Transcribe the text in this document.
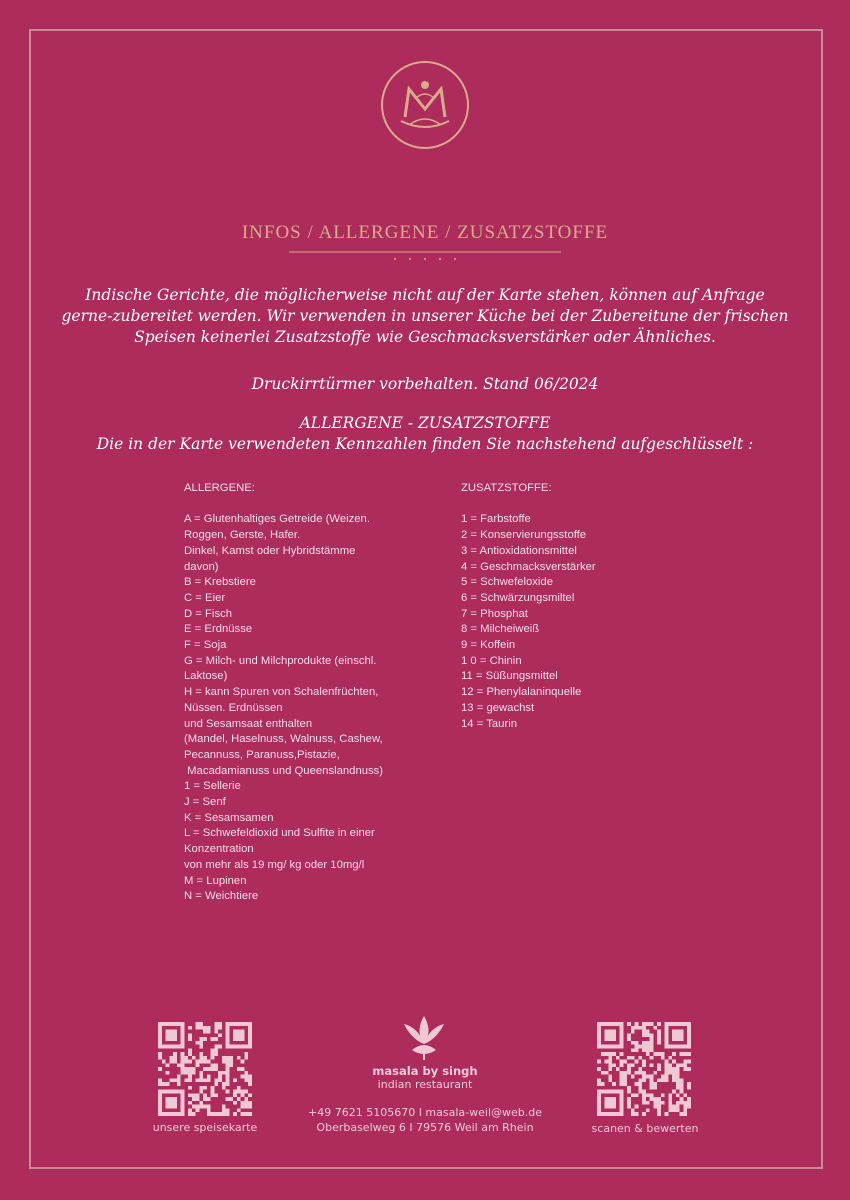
INFOS / ALLERGENE / ZUSATZSTOFFE

Indische Gerichte, die möglicherweise nicht auf der Karte stehen, können auf Anfrage gerne-zubereitet werden. Wir verwenden in unserer Küche bei der Zubereitune der frischen Speisen keinerlei Zusatzstoffe wie Geschmacksverstärker oder Ähnliches.

Druckirrtürmer vorbehalten. Stand 06/2024

ALLERGENE - ZUSATZSTOFFE

Die in der Karte verwendeten Kennzahlen finden Sie nachstehend aufgeschlüsselt :

ALLERGENE:
A = Glutenhaltiges Getreide (Weizen.
Roggen, Gerste, Hafer.
Dinkel, Kamst oder Hybridstämme
davon)
B = Krebstiere
C = Eier
D = Fisch
E = Erdnüsse
F = Soja
G = Milch- und Milchprodukte (einschl.
Laktose)
H = kann Spuren von Schalenfrüchten,
Nüssen. Erdnüssen
und Sesamsaat enthalten
(Mandel, Haselnuss, Walnuss, Cashew,
Pecannuss, Paranuss,Pistazie,
Macadamianuss und Queenslandnuss)
1 = Sellerie
J = Senf
K = Sesamsamen
L = Schwefeldioxid und Sulfite in einer
Konzentration
von mehr als 19 mg/ kg oder 10mg/l
M = Lupinen
N = Weichtiere
ZUSATZSTOFFE:
1 = Farbstoffe
2 = Konservierungsstoffe
3 = Antioxidationsmittel
4 = Geschmacksverstärker
5 = Schwefeloxide
6 = Schwärzungsmiltel
7 = Phosphat
8 = Milcheiweiß
9 = Koffein
1 0 = Chinin
11 = Süßungsmittel
12 = Phenylalaninquelle
13 = gewachst
14 = Taurin
unsere speisekarte
masala by singh
indian restaurant
+49 7621 5105670 I masala-weil@web.de
Oberbaselweg 6 I 79576 Weil am Rhein	scanen & bewerten
